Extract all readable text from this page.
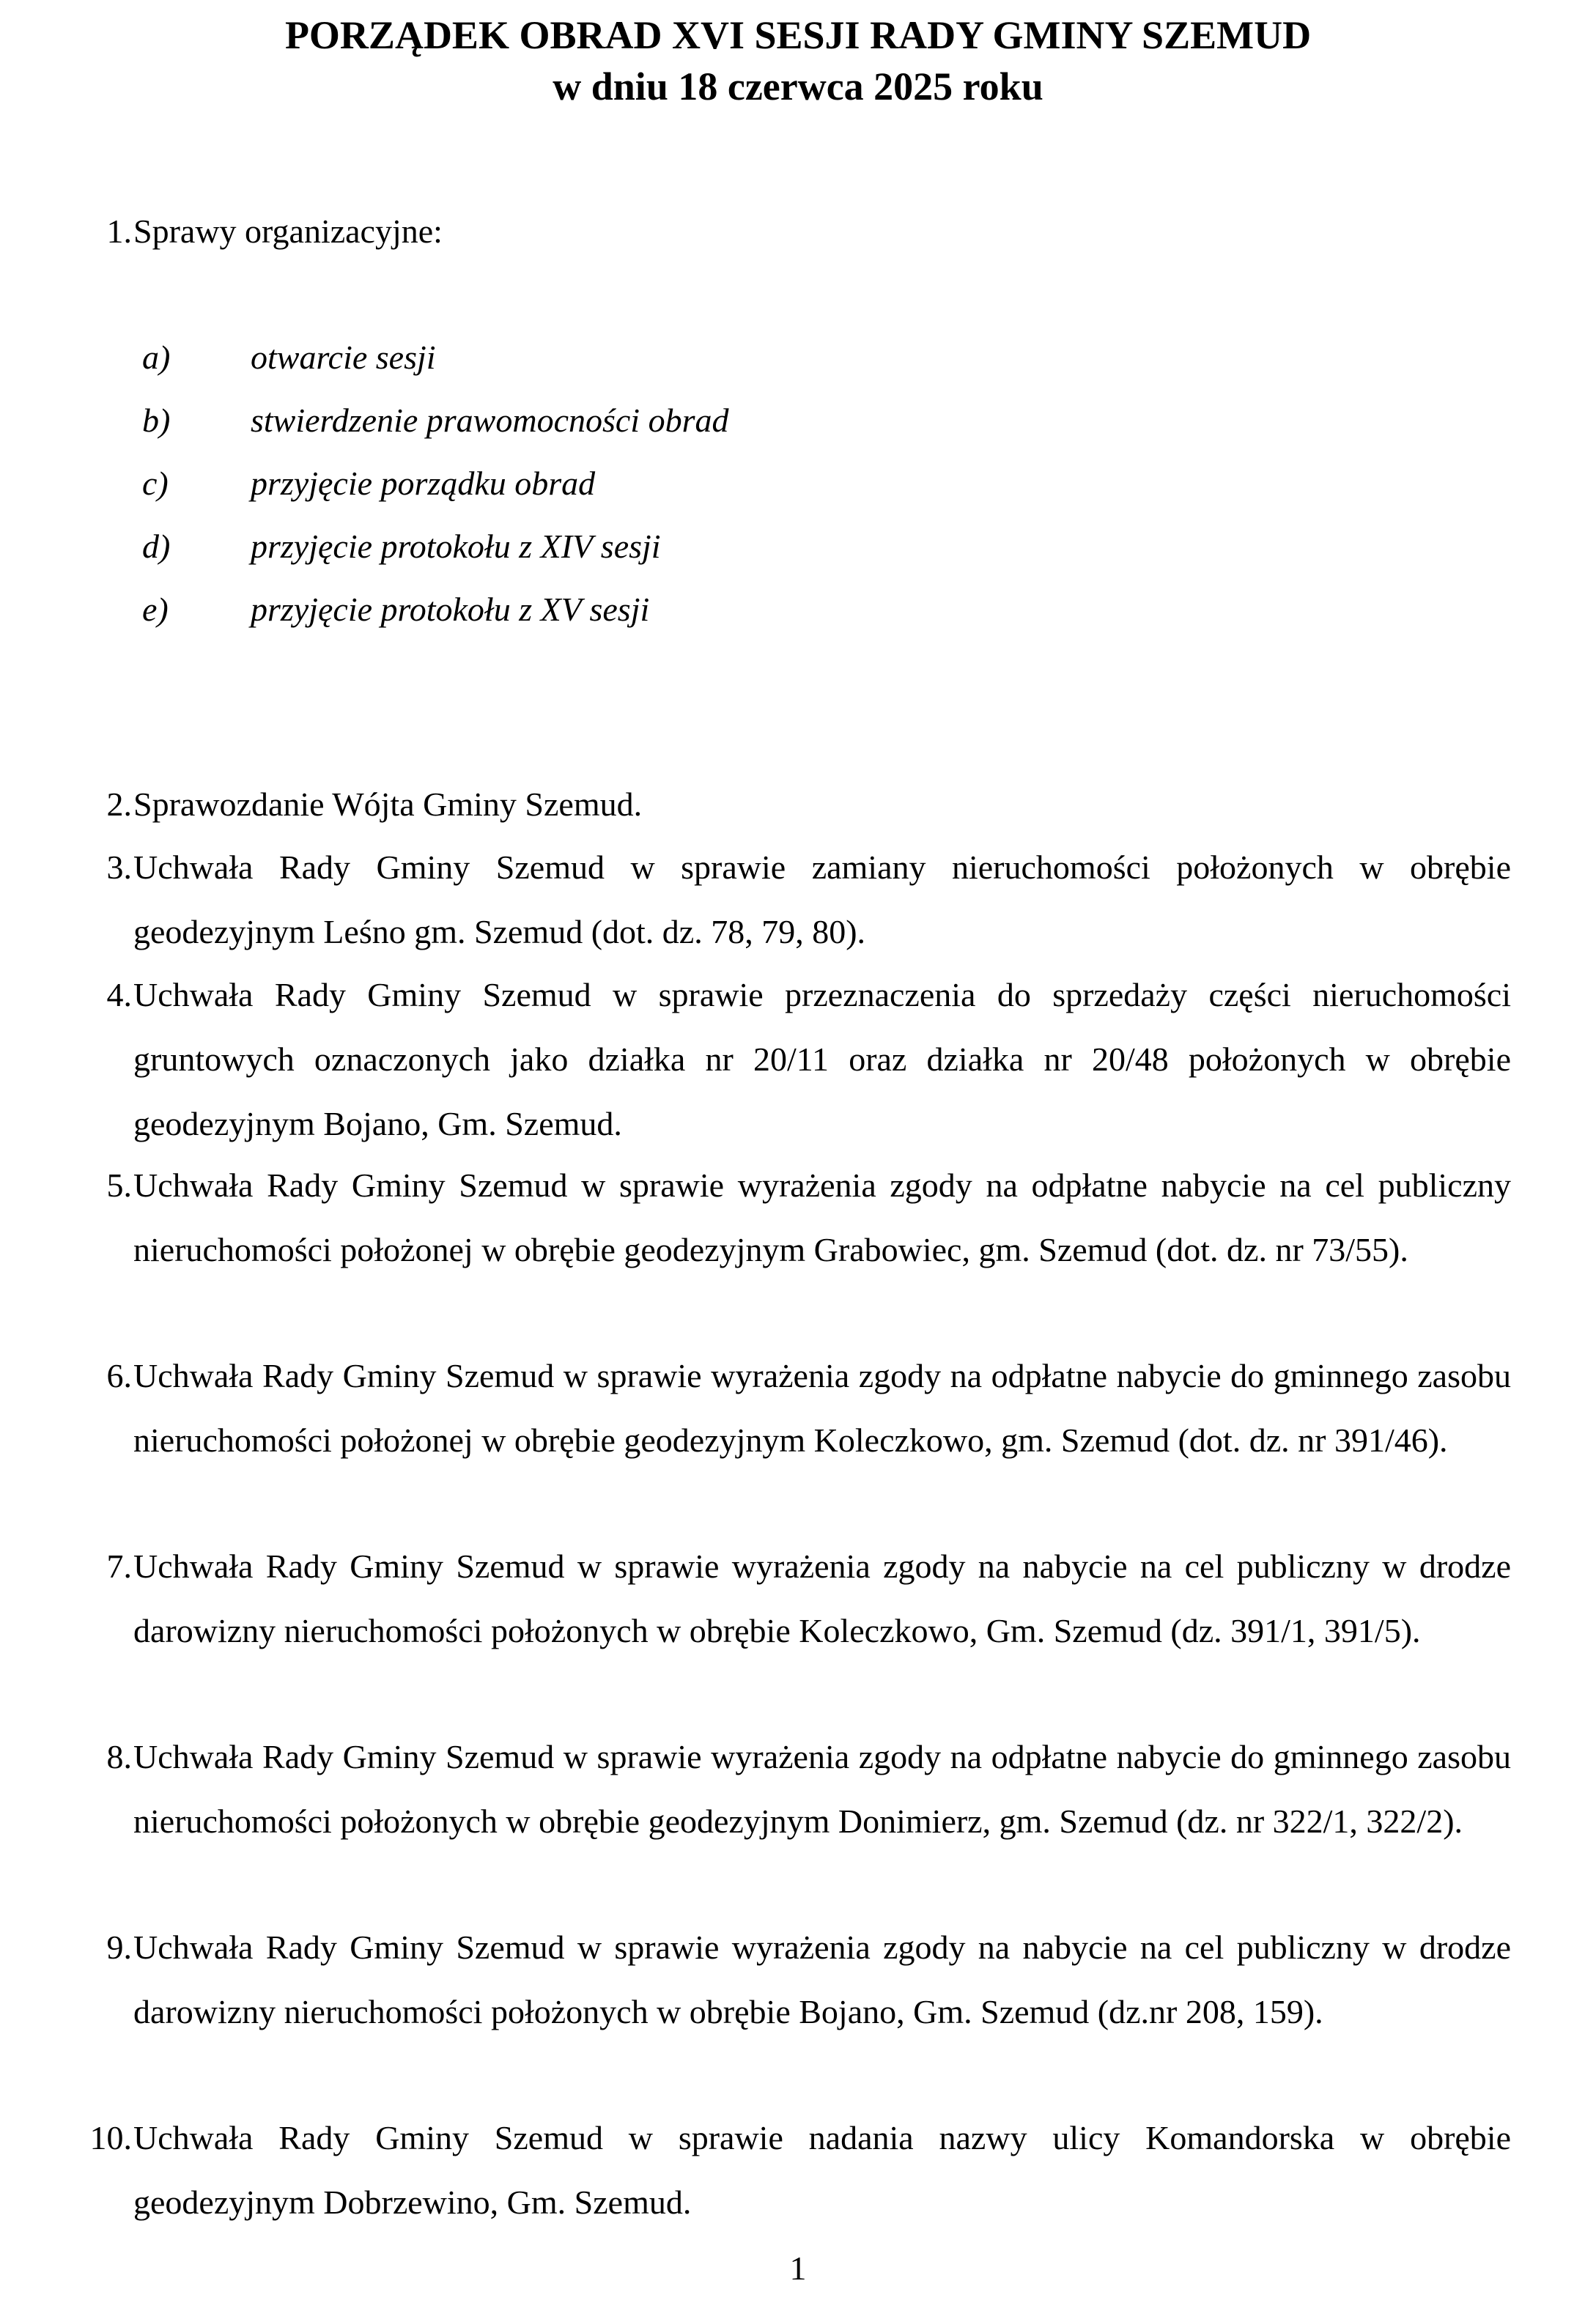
PORZĄDEK OBRAD XVI SESJI RADY GMINY SZEMUD
w dniu 18 czerwca 2025 roku
1. Sprawy organizacyjne:
a) otwarcie sesji
b) stwierdzenie prawomocności obrad
c) przyjęcie porządku obrad
d) przyjęcie protokołu z XIV sesji
e) przyjęcie protokołu z XV sesji
2. Sprawozdanie Wójta Gminy Szemud.
3. Uchwała Rady Gminy Szemud w sprawie zamiany nieruchomości położonych w obrębie geodezyjnym Leśno gm. Szemud (dot. dz. 78, 79, 80).
4. Uchwała Rady Gminy Szemud w sprawie przeznaczenia do sprzedaży części nieruchomości gruntowych oznaczonych jako działka nr 20/11 oraz działka nr 20/48 położonych w obrębie geodezyjnym Bojano, Gm. Szemud.
5. Uchwała Rady Gminy Szemud w sprawie wyrażenia zgody na odpłatne nabycie na cel publiczny nieruchomości położonej w obrębie geodezyjnym Grabowiec, gm. Szemud (dot. dz. nr 73/55).
6. Uchwała Rady Gminy Szemud w sprawie wyrażenia zgody na odpłatne nabycie do gminnego zasobu nieruchomości położonej w obrębie geodezyjnym Koleczkowo, gm. Szemud (dot. dz. nr 391/46).
7. Uchwała Rady Gminy Szemud w sprawie wyrażenia zgody na nabycie na cel publiczny w drodze darowizny nieruchomości położonych w obrębie Koleczkowo, Gm. Szemud (dz. 391/1, 391/5).
8. Uchwała Rady Gminy Szemud w sprawie wyrażenia zgody na odpłatne nabycie do gminnego zasobu nieruchomości położonych w obrębie geodezyjnym Donimierz, gm. Szemud (dz. nr 322/1, 322/2).
9. Uchwała Rady Gminy Szemud w sprawie wyrażenia zgody na nabycie na cel publiczny w drodze darowizny nieruchomości położonych w obrębie Bojano, Gm. Szemud (dz.nr 208, 159).
10. Uchwała Rady Gminy Szemud w sprawie nadania nazwy ulicy Komandorska w obrębie geodezyjnym Dobrzewino, Gm. Szemud.
1
